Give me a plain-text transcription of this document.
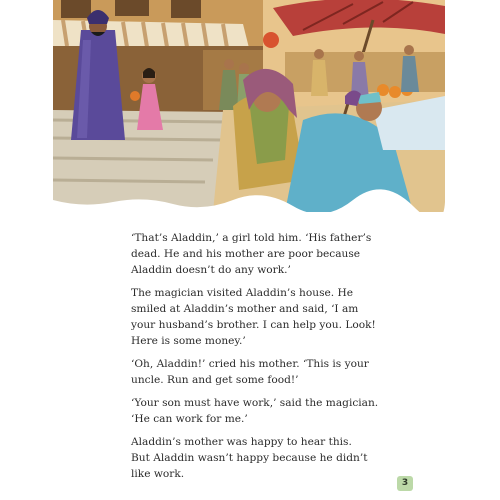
‘That’s Aladdin,’ a girl told him. ‘His father’s
dead. He and his mother are poor because
Aladdin doesn’t do any work.’

The magician visited Aladdin’s house. He
smiled at Aladdin’s mother and said, ‘I am
your husband’s brother. I can help you. Look!
Here is some money.’

‘Oh, Aladdin!’ cried his mother. ‘This is your
uncle. Run and get some food!’

‘Your son must have work,’ said the magician.
‘He can work for me.’

Aladdin’s mother was happy to hear this.
But Aladdin wasn’t happy because he didn’t
like work.

3
